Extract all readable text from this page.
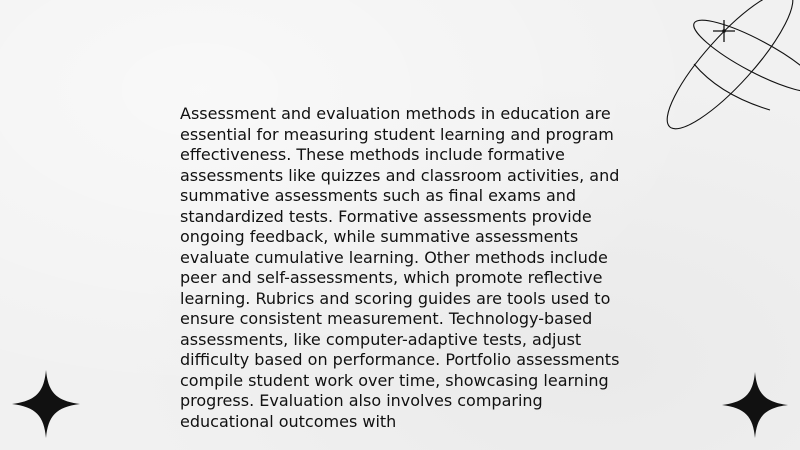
Assessment and evaluation methods in education are essential for measuring student learning and program effectiveness. These methods include formative assessments like quizzes and classroom activities, and summative assessments such as final exams and standardized tests. Formative assessments provide ongoing feedback, while summative assessments evaluate cumulative learning. Other methods include peer and self-assessments, which promote reflective learning. Rubrics and scoring guides are tools used to ensure consistent measurement. Technology-based assessments, like computer-adaptive tests, adjust difficulty based on performance. Portfolio assessments compile student work over time, showcasing learning progress. Evaluation also involves comparing educational outcomes with
